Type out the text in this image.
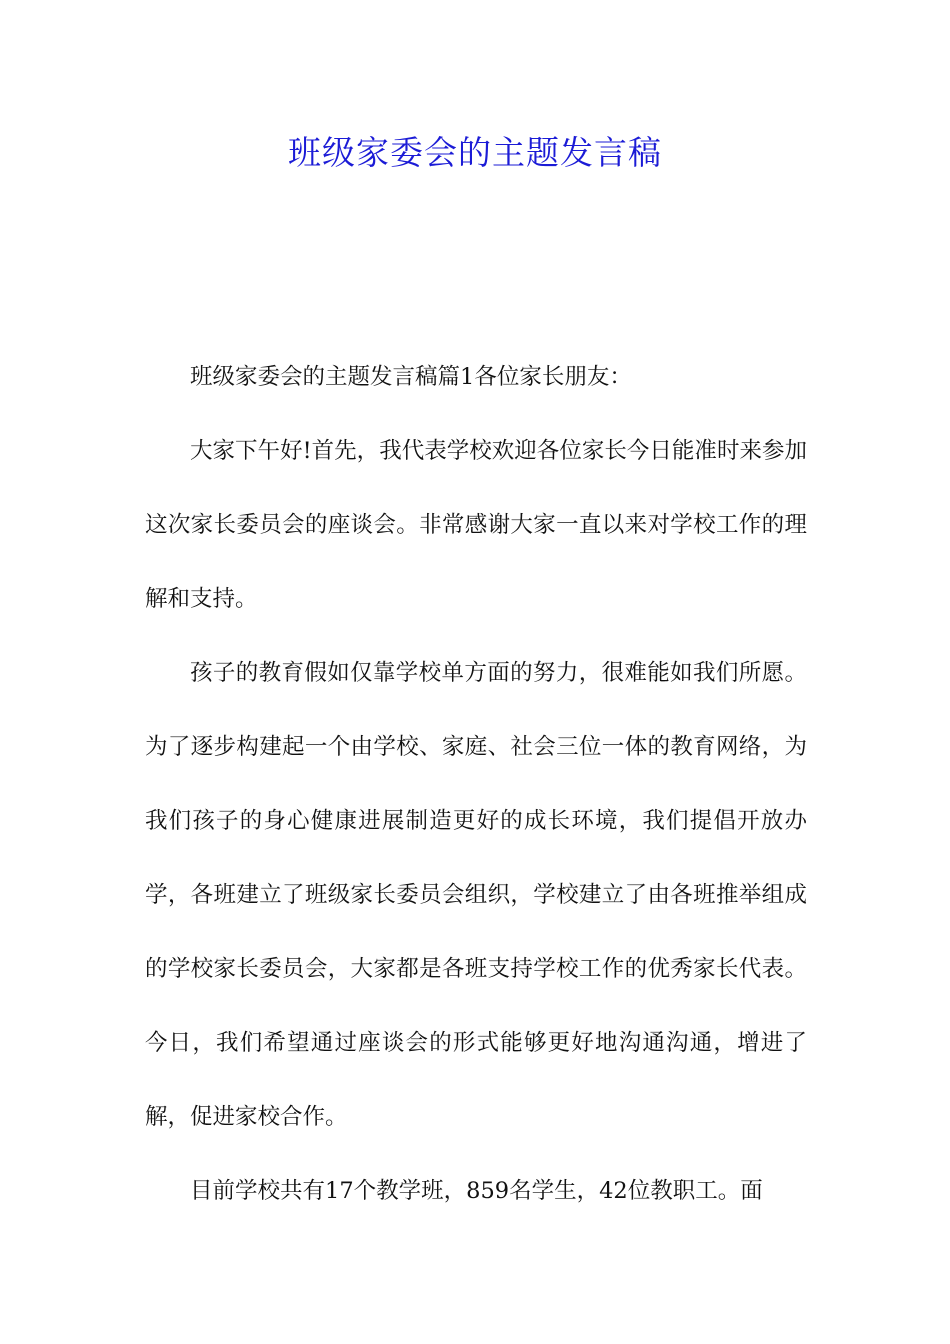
班级家委会的主题发言稿

班级家委会的主题发言稿篇1各位家长朋友：

大家下午好!首先，我代表学校欢迎各位家长今日能准时来参加这次家长委员会的座谈会。非常感谢大家一直以来对学校工作的理解和支持。

孩子的教育假如仅靠学校单方面的努力，很难能如我们所愿。为了逐步构建起一个由学校、家庭、社会三位一体的教育网络，为我们孩子的身心健康进展制造更好的成长环境，我们提倡开放办学，各班建立了班级家长委员会组织，学校建立了由各班推举组成的学校家长委员会，大家都是各班支持学校工作的优秀家长代表。今日，我们希望通过座谈会的形式能够更好地沟通沟通，增进了解，促进家校合作。

目前学校共有17个教学班，859名学生，42位教职工。面
